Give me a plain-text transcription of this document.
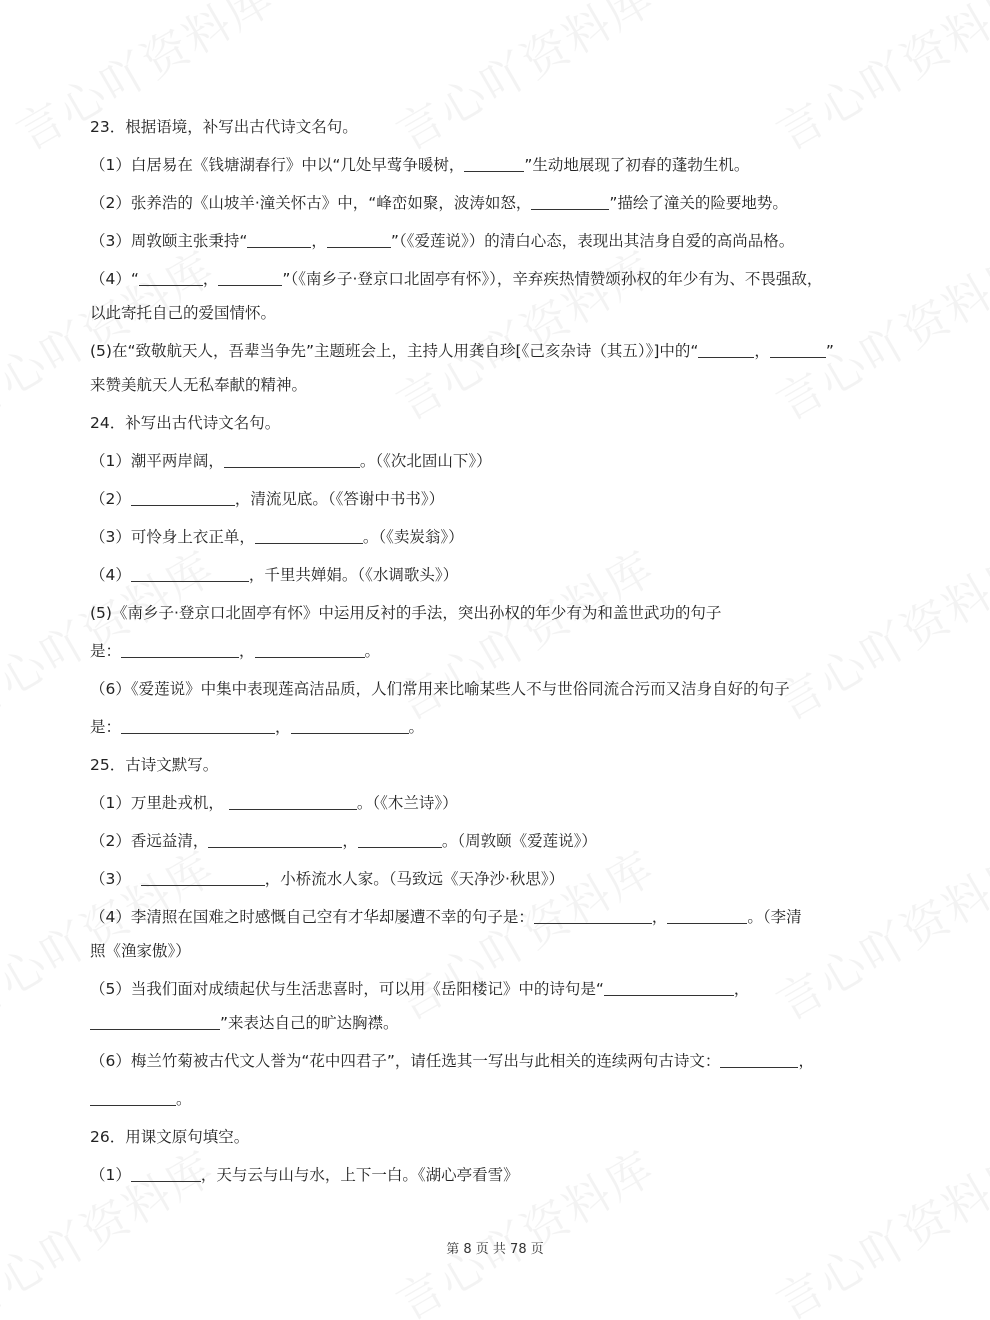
23．根据语境，补写出古代诗文名句。

（1）白居易在《钱塘湖春行》中以“几处早莺争暖树，	”生动地展现了初春的蓬勃生机。

（2）张养浩的《山坡羊·潼关怀古》中，“峰峦如聚，波涛如怒，	”描绘了潼关的险要地势。

（3）周敦颐主张秉持“	，	”（《爱莲说》）的清白心态，表现出其洁身自爱的高尚品格。

（4）“	，	”（《南乡子·登京口北固亭有怀》），辛弃疾热情赞颂孙权的年少有为、不畏强敌，

以此寄托自己的爱国情怀。

(5)在“致敬航天人，吾辈当争先”主题班会上，主持人用龚自珍[《己亥杂诗（其五）》]中的“	，	”

来赞美航天人无私奉献的精神。

24．补写出古代诗文名句。

（1）潮平两岸阔，	。（《次北固山下》）

（2）	，清流见底。（《答谢中书书》）

（3）可怜身上衣正单，	。（《卖炭翁》）

（4）	，千里共婵娟。（《水调歌头》）

(5)《南乡子·登京口北固亭有怀》中运用反衬的手法，突出孙权的年少有为和盖世武功的句子

是：	，	。

（6）《爱莲说》中集中表现莲高洁品质，人们常用来比喻某些人不与世俗同流合污而又洁身自好的句子

是：	，	。

25．古诗文默写。

（1）万里赴戎机，	。（《木兰诗》）

（2）香远益清，	，	。（周敦颐《爱莲说》）

（3）	，小桥流水人家。（马致远《天净沙·秋思》）

（4）李清照在国难之时感慨自己空有才华却屡遭不幸的句子是：	，	。（李清

照《渔家傲》）

（5）当我们面对成绩起伏与生活悲喜时，可以用《岳阳楼记》中的诗句是“	，

”来表达自己的旷达胸襟。

（6）梅兰竹菊被古代文人誉为“花中四君子”，请任选其一写出与此相关的连续两句古诗文：	，

。

26．用课文原句填空。

（1）	，天与云与山与水，上下一白。《湖心亭看雪》

第 8 页 共 78 页
